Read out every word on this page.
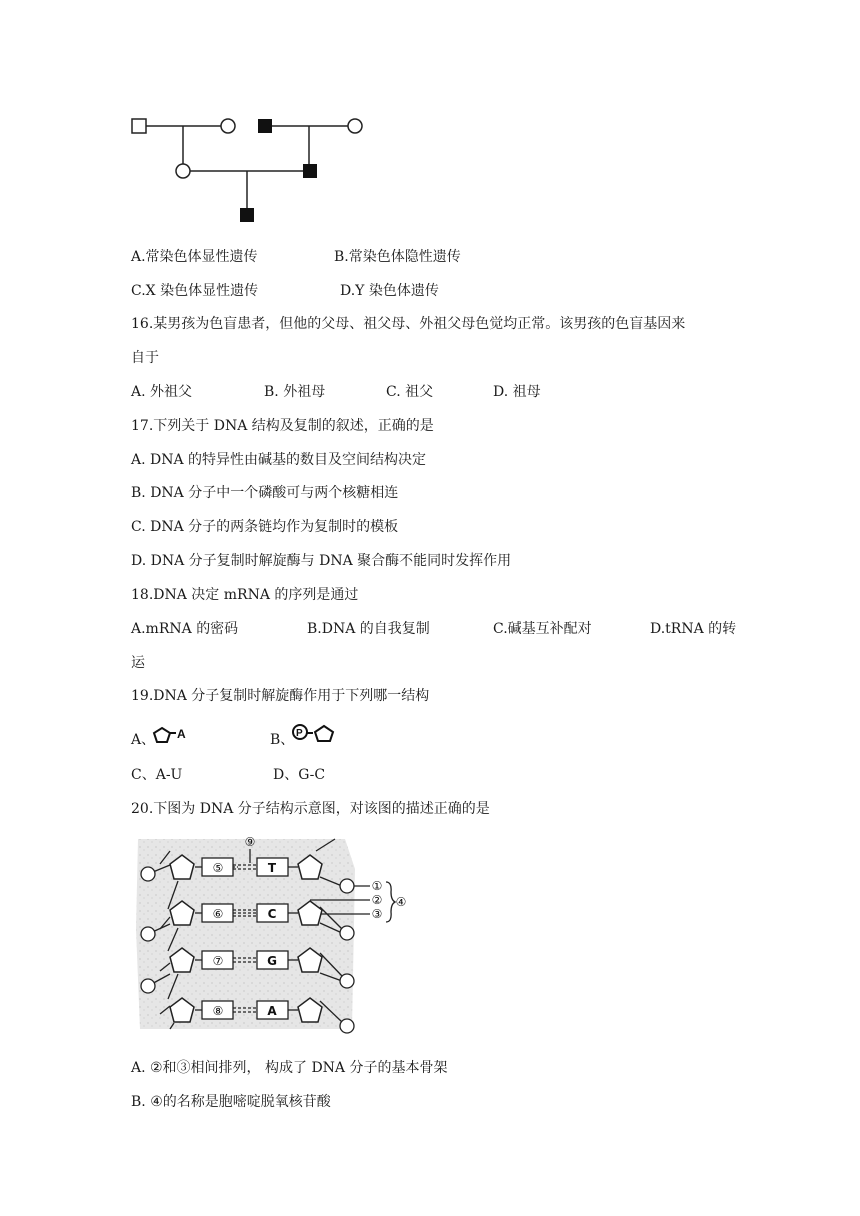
A.常染色体显性遗传	B.常染色体隐性遗传
C.X 染色体显性遗传	D.Y 染色体遗传
16.某男孩为色盲患者，但他的父母、祖父母、外祖父母色觉均正常。该男孩的色盲基因来
自于
A. 外祖父	B. 外祖母	C. 祖父	D. 祖母
17.下列关于 DNA 结构及复制的叙述，正确的是
A. DNA 的特异性由碱基的数目及空间结构决定
B. DNA 分子中一个磷酸可与两个核糖相连
C. DNA 分子的两条链均作为复制时的模板
D. DNA 分子复制时解旋酶与 DNA 聚合酶不能同时发挥作用
18.DNA 决定 mRNA 的序列是通过
A.mRNA 的密码	B.DNA 的自我复制	C.碱基互补配对	D.tRNA 的转
运
19.DNA 分子复制时解旋酶作用于下列哪一结构
A、 A	B、 P
C、A-U	D、G-C
20.下图为 DNA 分子结构示意图，对该图的描述正确的是
⑤
⑥
⑦
⑧
T
C
G
A
⑨
①
②
③
④
A. ②和③相间排列， 构成了 DNA 分子的基本骨架
B. ④的名称是胞嘧啶脱氧核苷酸
